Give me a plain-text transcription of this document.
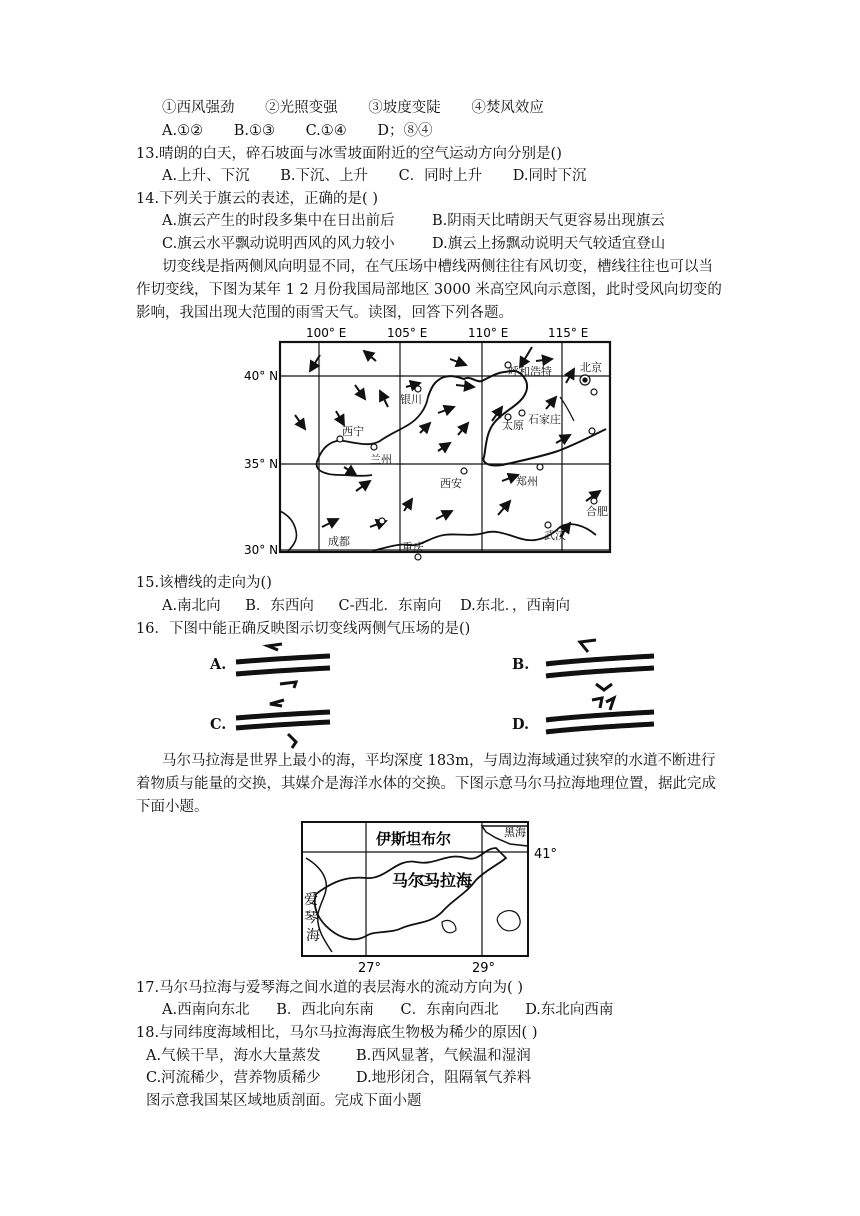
①西风强劲 ②光照变强 ③坡度变陡 ④焚风效应
A.①② B.①③ C.①④ D；⑧④
13.晴朗的白天，碎石坡面与冰雪坡面附近的空气运动方向分别是()
A.上升、下沉 B.下沉、上升 C．同时上升 D.同时下沉
14.下列关于旗云的表述，正确的是( )
A.旗云产生的时段多集中在日出前后	B.阴雨天比晴朗天气更容易出现旗云
C.旗云水平飘动说明西风的风力较小	D.旗云上扬飘动说明天气较适宜登山
切变线是指两侧风向明显不同，在气压场中槽线两侧往往有风切变，槽线往往也可以当
作切变线，下图为某年 1 2 月份我国局部地区 3000 米高空风向示意图，此时受风向切变的
影响，我国出现大范围的雨雪天气。读图，回答下列各题。
100° E	105° E	110° E	115° E
40° N
35° N
30° N
呼和浩特	北京
银川
石家庄
太原
西宁
兰州
西安	郑州
合肥
成都	重庆
武汉
15.该槽线的走向为()
A.南北向 B．东西向 C-西北．东南向 D.东北．，西南向
16．下图中能正确反映图示切变线两侧气压场的是()
A.	B.
C.	D.
马尔马拉海是世界上最小的海，平均深度 183m，与周边海域通过狭窄的水道不断进行
着物质与能量的交换，其媒介是海洋水体的交换。下图示意马尔马拉海地理位置，据此完成
下面小题。
伊斯坦布尔	黑海
41°
马尔马拉海
爱
琴
海
27°	29°
17.马尔马拉海与爱琴海之间水道的表层海水的流动方向为( )
A.西南向东北 B．西北向东南 C．东南向西北 D.东北向西南
18.与同纬度海域相比，马尔马拉海海底生物极为稀少的原因( )
A.气候干旱，海水大量蒸发 B.西风显著，气候温和湿润
C.河流稀少，营养物质稀少 D.地形闭合，阻隔氧气养料
图示意我国某区域地质剖面。完成下面小题
